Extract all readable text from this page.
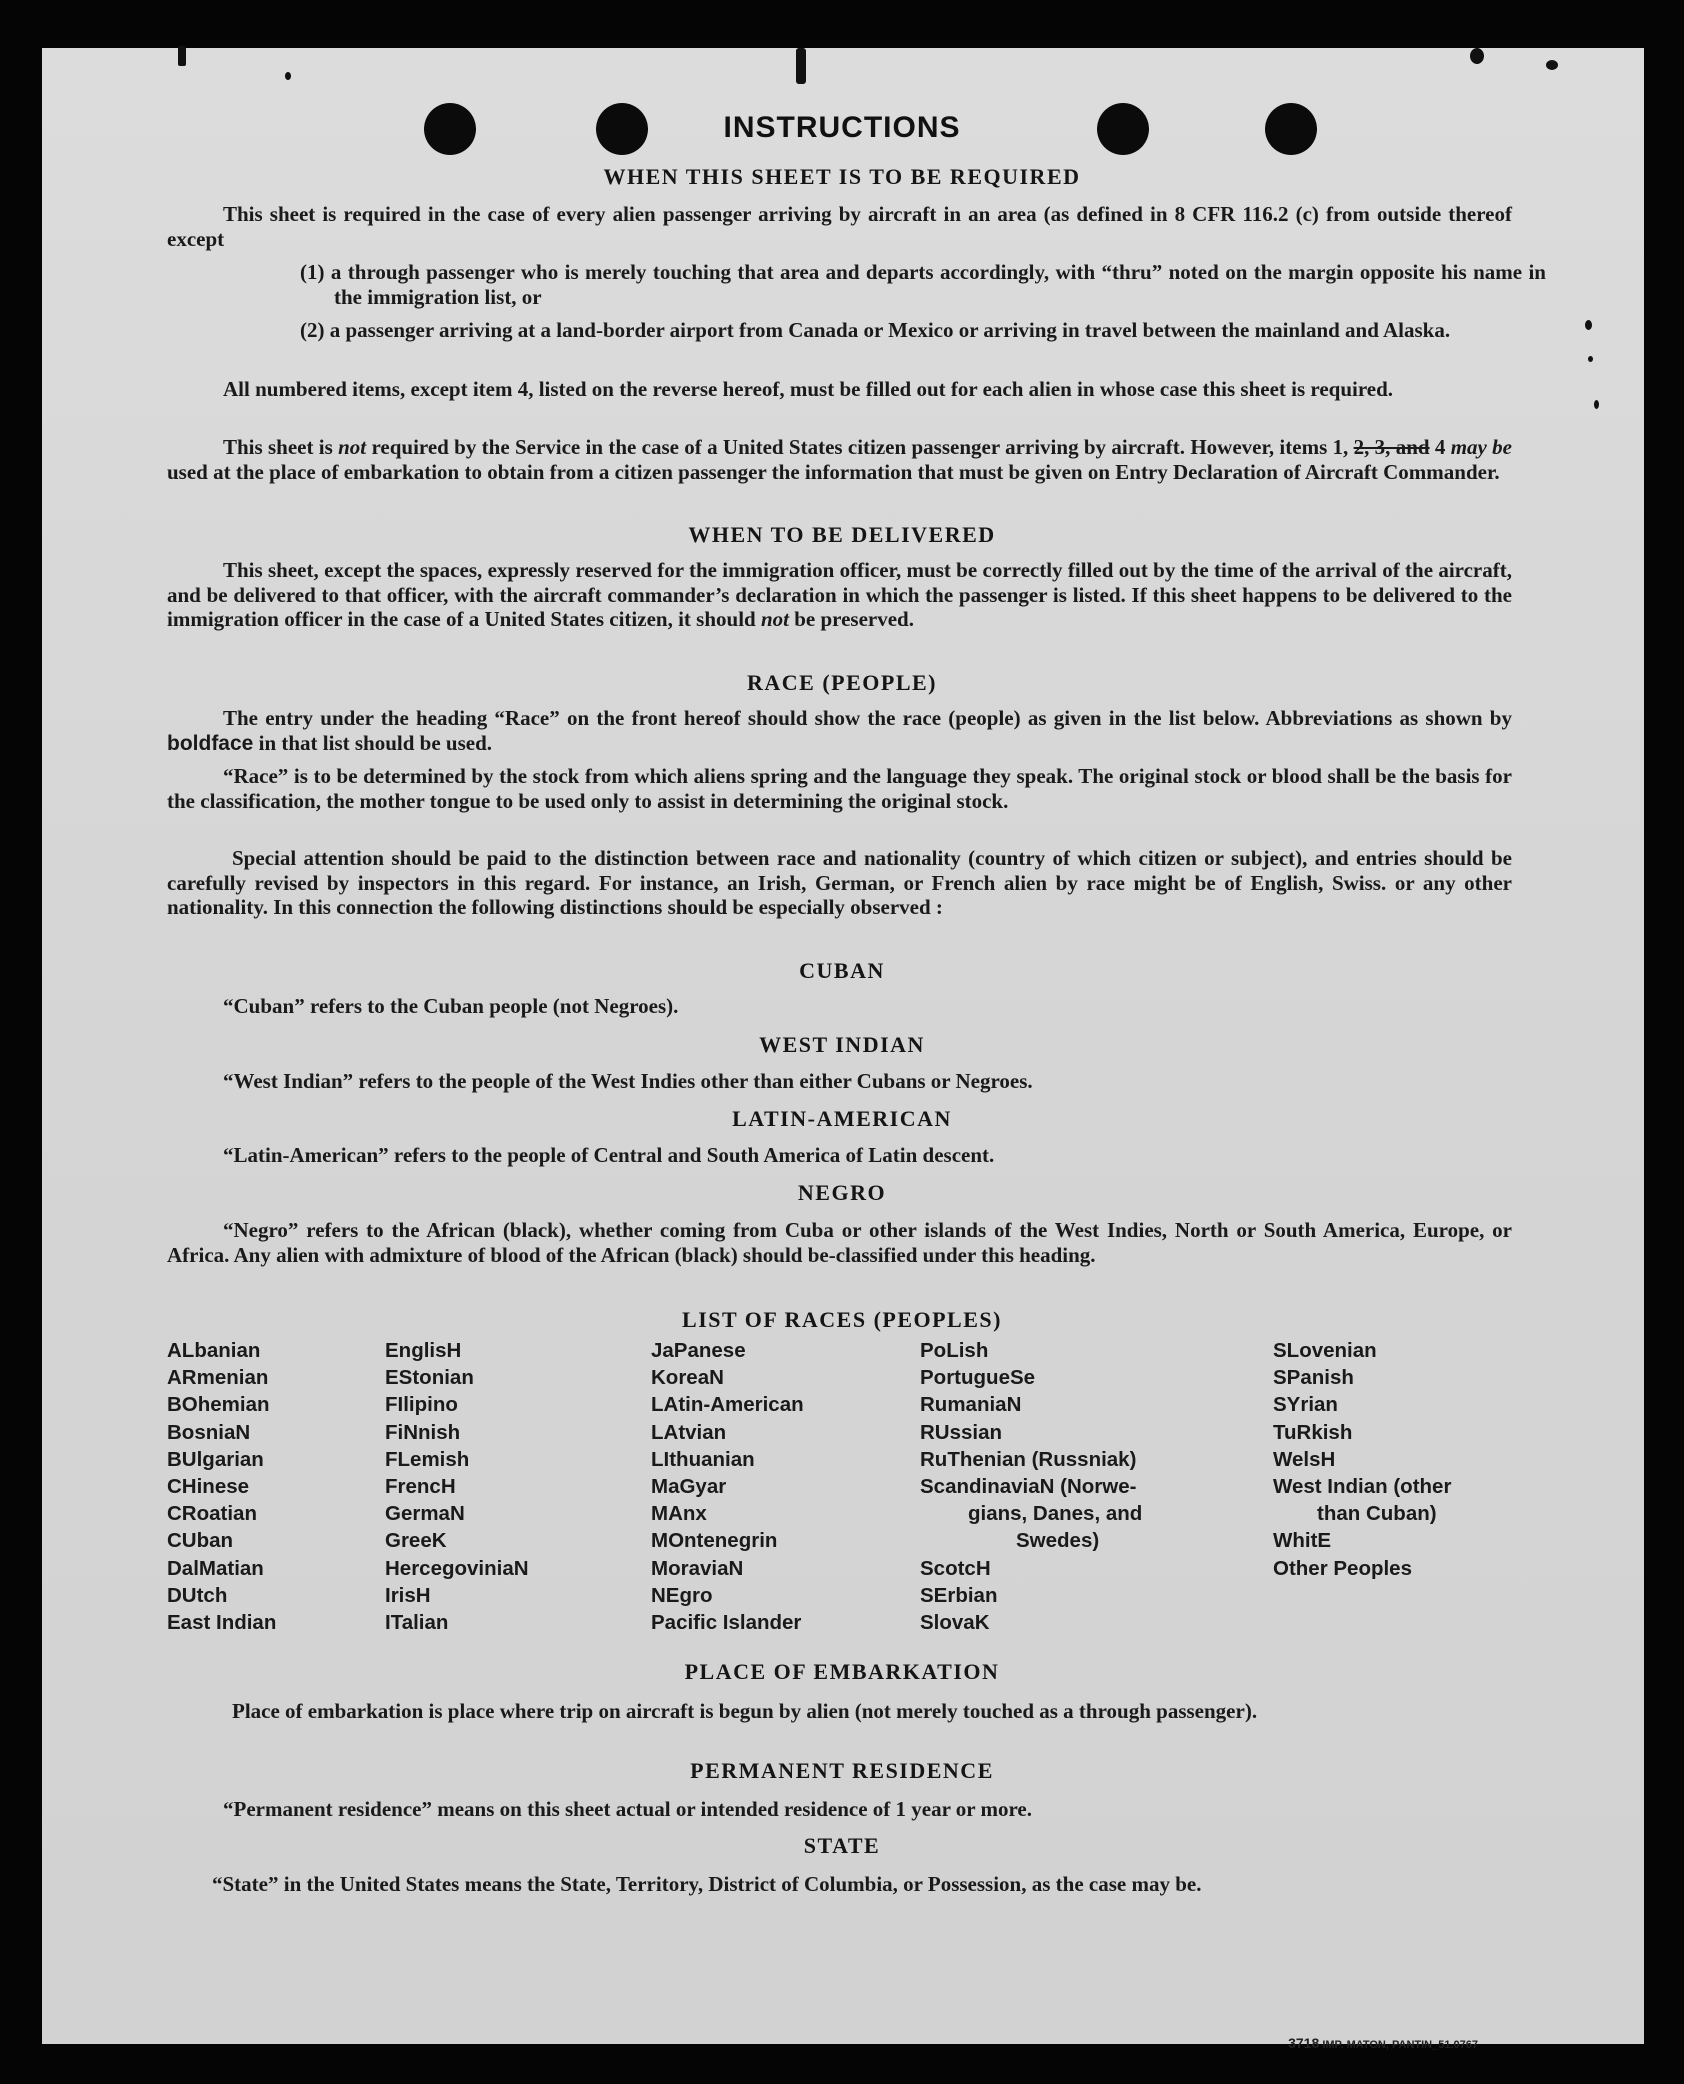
INSTRUCTIONS
WHEN THIS SHEET IS TO BE REQUIRED
This sheet is required in the case of every alien passenger arriving by aircraft in an area (as defined in 8 CFR 116.2 (c) from outside thereof except
(1) a through passenger who is merely touching that area and departs accordingly, with “thru” noted on the margin opposite his name in the immigration list, or
(2) a passenger arriving at a land-border airport from Canada or Mexico or arriving in travel between the mainland and Alaska.
All numbered items, except item 4, listed on the reverse hereof, must be filled out for each alien in whose case this sheet is required.
This sheet is not required by the Service in the case of a United States citizen passenger arriving by aircraft. However, items 1, 2, 3, and 4 may be used at the place of embarkation to obtain from a citizen passenger the information that must be given on Entry Declaration of Aircraft Commander.
WHEN TO BE DELIVERED
This sheet, except the spaces, expressly reserved for the immigration officer, must be correctly filled out by the time of the arrival of the aircraft, and be delivered to that officer, with the aircraft commander’s declaration in which the passenger is listed. If this sheet happens to be delivered to the immigration officer in the case of a United States citizen, it should not be preserved.
RACE (PEOPLE)
The entry under the heading “Race” on the front hereof should show the race (people) as given in the list below. Abbreviations as shown by boldface in that list should be used.
“Race” is to be determined by the stock from which aliens spring and the language they speak. The original stock or blood shall be the basis for the classification, the mother tongue to be used only to assist in determining the original stock.
Special attention should be paid to the distinction between race and nationality (country of which citizen or subject), and entries should be carefully revised by inspectors in this regard. For instance, an Irish, German, or French alien by race might be of English, Swiss. or any other nationality. In this connection the following distinctions should be especially observed :
CUBAN
“Cuban” refers to the Cuban people (not Negroes).
WEST INDIAN
“West Indian” refers to the people of the West Indies other than either Cubans or Negroes.
LATIN-AMERICAN
“Latin-American” refers to the people of Central and South America of Latin descent.
NEGRO
“Negro” refers to the African (black), whether coming from Cuba or other islands of the West Indies, North or South America, Europe, or Africa. Any alien with admixture of blood of the African (black) should be-classified under this heading.
LIST OF RACES (PEOPLES)
ALbanian
ARmenian
BOhemian
BosniaN
BUlgarian
CHinese
CRoatian
CUban
DalMatian
DUtch
East Indian
EnglisH
EStonian
FIlipino
FiNnish
FLemish
FrencH
GermaN
GreeK
HercegoviniaN
IrisH
ITalian
JaPanese
KoreaN
LAtin-American
LAtvian
LIthuanian
MaGyar
MAnx
MOntenegrin
MoraviaN
NEgro
Pacific Islander
PoLish
PortugueSe
RumaniaN
RUssian
RuThenian (Russniak)
ScandinaviaN (Norwe-
gians, Danes, and
Swedes)
ScotcH
SErbian
SlovaK
SLovenian
SPanish
SYrian
TuRkish
WelsH
West Indian (other
than Cuban)
WhitE
Other Peoples
PLACE OF EMBARKATION
Place of embarkation is place where trip on aircraft is begun by alien (not merely touched as a through passenger).
PERMANENT RESIDENCE
“Permanent residence” means on this sheet actual or intended residence of 1 year or more.
STATE
“State” in the United States means the State, Territory, District of Columbia, or Possession, as the case may be.
3718 IMP. MATON, PANTIN_51.0767
